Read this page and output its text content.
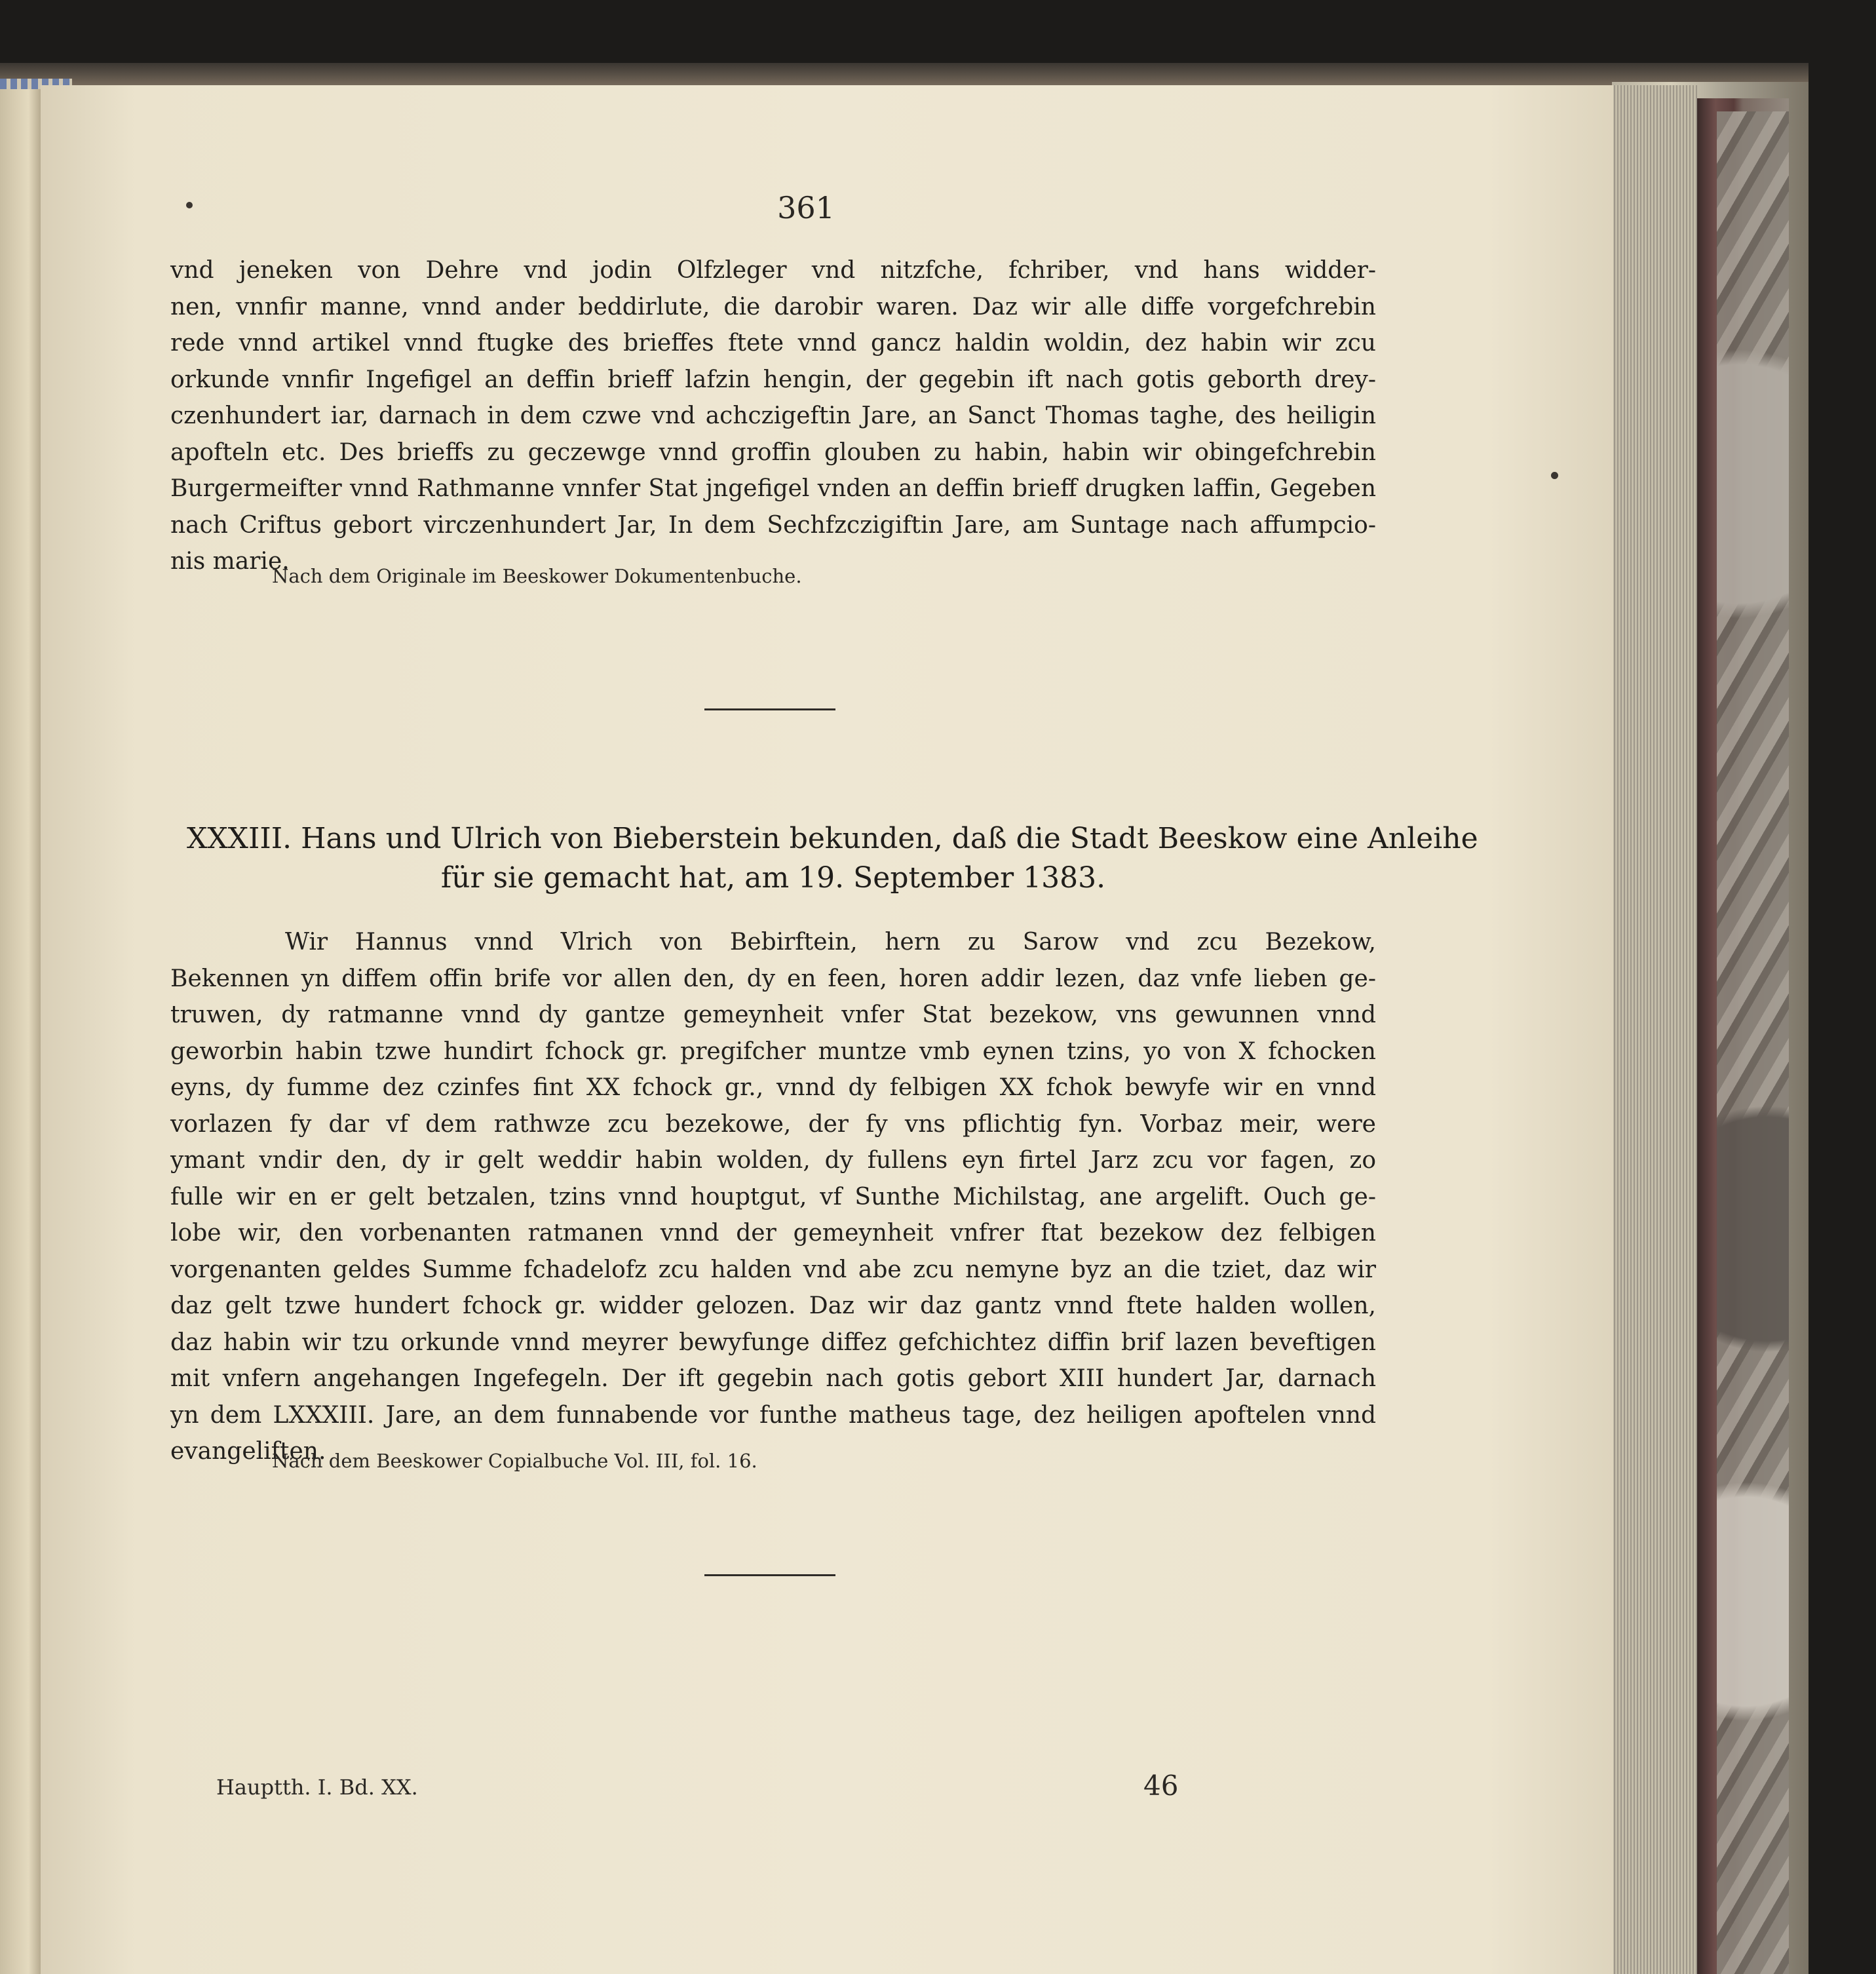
361
vnd jeneken von Dehre vnd jodin Olfzleger vnd nitzfche, fchriber, vnd hans widder-
nen, vnnfir manne, vnnd ander beddirlute, die darobir waren. Daz wir alle diffe vorgefchrebin
rede vnnd artikel vnnd ftugke des brieffes ftete vnnd gancz haldin woldin, dez habin wir zcu
orkunde vnnfir Ingefigel an deffin brieff lafzin hengin, der gegebin ift nach gotis geborth drey-
czenhundert iar, darnach in dem czwe vnd achczigeftin Jare, an Sanct Thomas taghe, des heiligin
apofteln etc. Des brieffs zu geczewge vnnd groffin glouben zu habin, habin wir obingefchrebin
Burgermeifter vnnd Rathmanne vnnfer Stat jngefigel vnden an deffin brieff drugken laffin, Gegeben
nach Criftus gebort virczenhundert Jar, In dem Sechfzczigiftin Jare, am Suntage nach affumpcio-
nis marie.
Nach dem Originale im Beeskower Dokumentenbuche.
XXXIII. Hans und Ulrich von Bieberstein bekunden, daß die Stadt Beeskow eine Anleihe
für sie gemacht hat, am 19. September 1383.
Wir Hannus vnnd Vlrich von Bebirftein, hern zu Sarow vnd zcu Bezekow,
Bekennen yn diffem offin brife vor allen den, dy en feen, horen addir lezen, daz vnfe lieben ge-
truwen, dy ratmanne vnnd dy gantze gemeynheit vnfer Stat bezekow, vns gewunnen vnnd
geworbin habin tzwe hundirt fchock gr. pregifcher muntze vmb eynen tzins, yo von X fchocken
eyns, dy fumme dez czinfes fint XX fchock gr., vnnd dy felbigen XX fchok bewyfe wir en vnnd
vorlazen fy dar vf dem rathwze zcu bezekowe, der fy vns pflichtig fyn. Vorbaz meir, were
ymant vndir den, dy ir gelt weddir habin wolden, dy fullens eyn firtel Jarz zcu vor fagen, zo
fulle wir en er gelt betzalen, tzins vnnd houptgut, vf Sunthe Michilstag, ane argelift. Ouch ge-
lobe wir, den vorbenanten ratmanen vnnd der gemeynheit vnfrer ftat bezekow dez felbigen
vorgenanten geldes Summe fchadelofz zcu halden vnd abe zcu nemyne byz an die tziet, daz wir
daz gelt tzwe hundert fchock gr. widder gelozen. Daz wir daz gantz vnnd ftete halden wollen,
daz habin wir tzu orkunde vnnd meyrer bewyfunge diffez gefchichtez diffin brif lazen beveftigen
mit vnfern angehangen Ingefegeln. Der ift gegebin nach gotis gebort XIII hundert Jar, darnach
yn dem LXXXIII. Jare, an dem funnabende vor funthe matheus tage, dez heiligen apoftelen vnnd
evangeliften.
Nach dem Beeskower Copialbuche Vol. III, fol. 16.
Hauptth. I. Bd. XX.	46
